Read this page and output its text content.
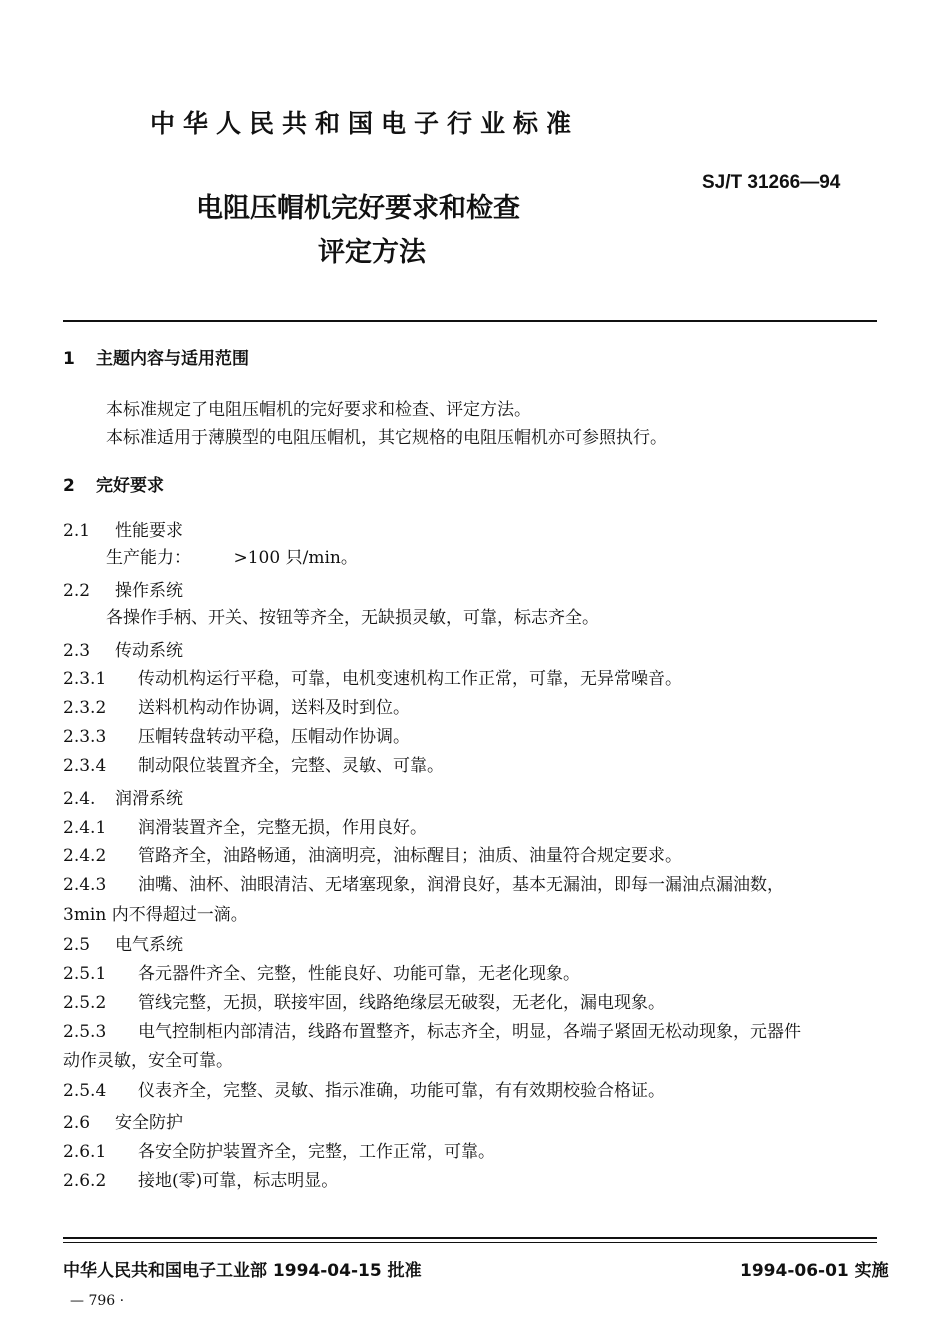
中华人民共和国电子行业标准
SJ/T 31266—94
电阻压帽机完好要求和检查
评定方法
1 主题内容与适用范围
本标准规定了电阻压帽机的完好要求和检查、评定方法。
本标准适用于薄膜型的电阻压帽机，其它规格的电阻压帽机亦可参照执行。
2 完好要求
2.1 性能要求
生产能力：　　　>100 只/min。
2.2 操作系统
各操作手柄、开关、按钮等齐全，无缺损灵敏，可靠，标志齐全。
2.3 传动系统
2.3.1 传动机构运行平稳，可靠，电机变速机构工作正常，可靠，无异常噪音。
2.3.2 送料机构动作协调，送料及时到位。
2.3.3 压帽转盘转动平稳，压帽动作协调。
2.3.4 制动限位装置齐全，完整、灵敏、可靠。
2.4. 润滑系统
2.4.1 润滑装置齐全，完整无损，作用良好。
2.4.2 管路齐全，油路畅通，油滴明亮，油标醒目；油质、油量符合规定要求。
2.4.3 油嘴、油杯、油眼清洁、无堵塞现象，润滑良好，基本无漏油，即每一漏油点漏油数，
3min 内不得超过一滴。
2.5 电气系统
2.5.1 各元器件齐全、完整，性能良好、功能可靠，无老化现象。
2.5.2 管线完整，无损，联接牢固，线路绝缘层无破裂，无老化，漏电现象。
2.5.3 电气控制柜内部清洁，线路布置整齐，标志齐全，明显，各端子紧固无松动现象，元器件
动作灵敏，安全可靠。
2.5.4 仪表齐全，完整、灵敏、指示准确，功能可靠，有有效期校验合格证。
2.6 安全防护
2.6.1 各安全防护装置齐全，完整，工作正常，可靠。
2.6.2 接地(零)可靠，标志明显。
中华人民共和国电子工业部 1994-04-15 批准	1994-06-01 实施
— 796 ·
